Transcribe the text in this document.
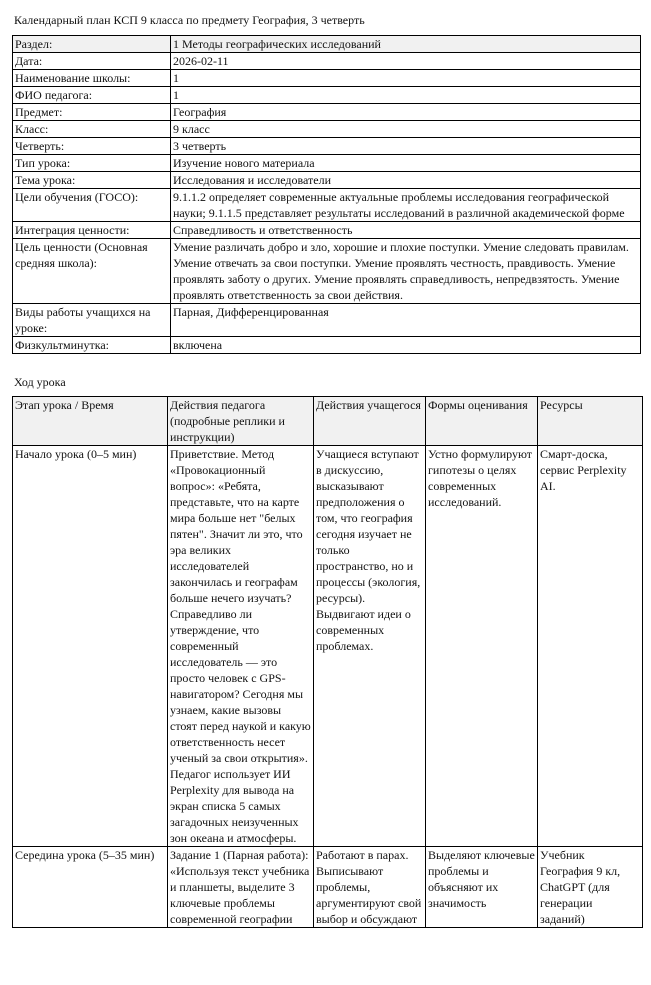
Календарный план КСП 9 класса по предмету География, 3 четверть
Раздел:	1 Методы географических исследований
Дата:	2026-02-11
Наименование школы:	1
ФИО педагога:	1
Предмет:	География
Класс:	9 класс
Четверть:	3 четверть
Тип урока:	Изучение нового материала
Тема урока:	Исследования и исследователи
Цели обучения (ГОСО):	9.1.1.2 определяет современные актуальные проблемы исследования географической науки; 9.1.1.5 представляет результаты исследований в различной академической форме
Интеграция ценности:	Справедливость и ответственность
Цель ценности (Основная средняя школа):	Умение различать добро и зло, хорошие и плохие поступки. Умение следовать правилам. Умение отвечать за свои поступки. Умение проявлять честность, правдивость. Умение проявлять заботу о других. Умение проявлять справедливость, непредвзятость. Умение проявлять ответственность за свои действия.
Виды работы учащихся на уроке:	Парная, Дифференцированная
Физкультминутка:	включена
Ход урока
Этап урока / Время	Действия педагога (подробные реплики и инструкции)	Действия учащегося	Формы оценивания	Ресурсы
Начало урока (0–5 мин)	Приветствие. Метод «Провокационный вопрос»: «Ребята, представьте, что на карте мира больше нет "белых пятен". Значит ли это, что эра великих исследователей закончилась и географам больше нечего изучать? Справедливо ли утверждение, что современный исследователь — это просто человек с GPS-навигатором? Сегодня мы узнаем, какие вызовы стоят перед наукой и какую ответственность несет ученый за свои открытия». Педагог использует ИИ Perplexity для вывода на экран списка 5 самых загадочных неизученных зон океана и атмосферы.	Учащиеся вступают в дискуссию, высказывают предположения о том, что география сегодня изучает не только пространство, но и процессы (экология, ресурсы). Выдвигают идеи о современных проблемах.	Устно формулируют гипотезы о целях современных исследований.	Смарт-доска, сервис Perplexity AI.
Середина урока (5–35 мин)	Задание 1 (Парная работа): «Используя текст учебника и планшеты, выделите 3 ключевые проблемы современной географии	Работают в парах. Выписывают проблемы, аргументируют свой выбор и обсуждают	Выделяют ключевые проблемы и объясняют их значимость	Учебник География 9 кл, ChatGPT (для генерации заданий)
